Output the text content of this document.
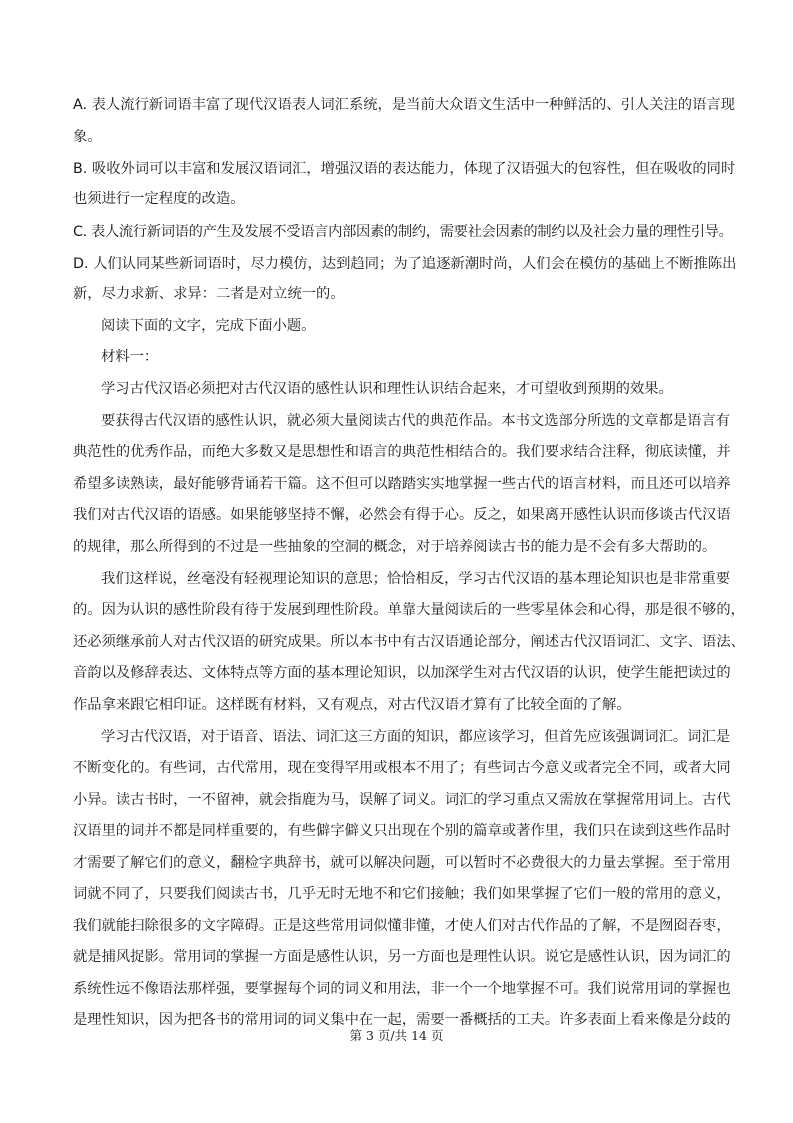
A. 表人流行新词语丰富了现代汉语表人词汇系统，是当前大众语文生活中一种鲜活的、引人关注的语言现
象。
B. 吸收外词可以丰富和发展汉语词汇，增强汉语的表达能力，体现了汉语强大的包容性，但在吸收的同时
也须进行一定程度的改造。
C. 表人流行新词语的产生及发展不受语言内部因素的制约，需要社会因素的制约以及社会力量的理性引导。
D. 人们认同某些新词语时，尽力模仿，达到趋同；为了追逐新潮时尚，人们会在模仿的基础上不断推陈出
新，尽力求新、求异：二者是对立统一的。
阅读下面的文字，完成下面小题。
材料一：
学习古代汉语必须把对古代汉语的感性认识和理性认识结合起来，才可望收到预期的效果。
要获得古代汉语的感性认识，就必须大量阅读古代的典范作品。本书文选部分所选的文章都是语言有
典范性的优秀作品，而绝大多数又是思想性和语言的典范性相结合的。我们要求结合注释，彻底读懂，并
希望多读熟读，最好能够背诵若干篇。这不但可以踏踏实实地掌握一些古代的语言材料，而且还可以培养
我们对古代汉语的语感。如果能够坚持不懈，必然会有得于心。反之，如果离开感性认识而侈谈古代汉语
的规律，那么所得到的不过是一些抽象的空洞的概念，对于培养阅读古书的能力是不会有多大帮助的。
我们这样说，丝毫没有轻视理论知识的意思；恰恰相反，学习古代汉语的基本理论知识也是非常重要
的。因为认识的感性阶段有待于发展到理性阶段。单靠大量阅读后的一些零星体会和心得，那是很不够的，
还必须继承前人对古代汉语的研究成果。所以本书中有古汉语通论部分，阐述古代汉语词汇、文字、语法、
音韵以及修辞表达、文体特点等方面的基本理论知识，以加深学生对古代汉语的认识，使学生能把读过的
作品拿来跟它相印证。这样既有材料，又有观点，对古代汉语才算有了比较全面的了解。
学习古代汉语，对于语音、语法、词汇这三方面的知识，都应该学习，但首先应该强调词汇。词汇是
不断变化的。有些词，古代常用，现在变得罕用或根本不用了；有些词古今意义或者完全不同，或者大同
小异。读古书时，一不留神，就会指鹿为马，误解了词义。词汇的学习重点又需放在掌握常用词上。古代
汉语里的词并不都是同样重要的，有些僻字僻义只出现在个别的篇章或著作里，我们只在读到这些作品时
才需要了解它们的意义，翻检字典辞书，就可以解决问题，可以暂时不必费很大的力量去掌握。至于常用
词就不同了，只要我们阅读古书，几乎无时无地不和它们接触；我们如果掌握了它们一般的常用的意义，
我们就能扫除很多的文字障碍。正是这些常用词似懂非懂，才使人们对古代作品的了解，不是囫囵吞枣，
就是捕风捉影。常用词的掌握一方面是感性认识，另一方面也是理性认识。说它是感性认识，因为词汇的
系统性远不像语法那样强，要掌握每个词的词义和用法，非一个一个地掌握不可。我们说常用词的掌握也
是理性知识，因为把各书的常用词的词义集中在一起，需要一番概括的工夫。许多表面上看来像是分歧的
第 3 页/共 14 页
